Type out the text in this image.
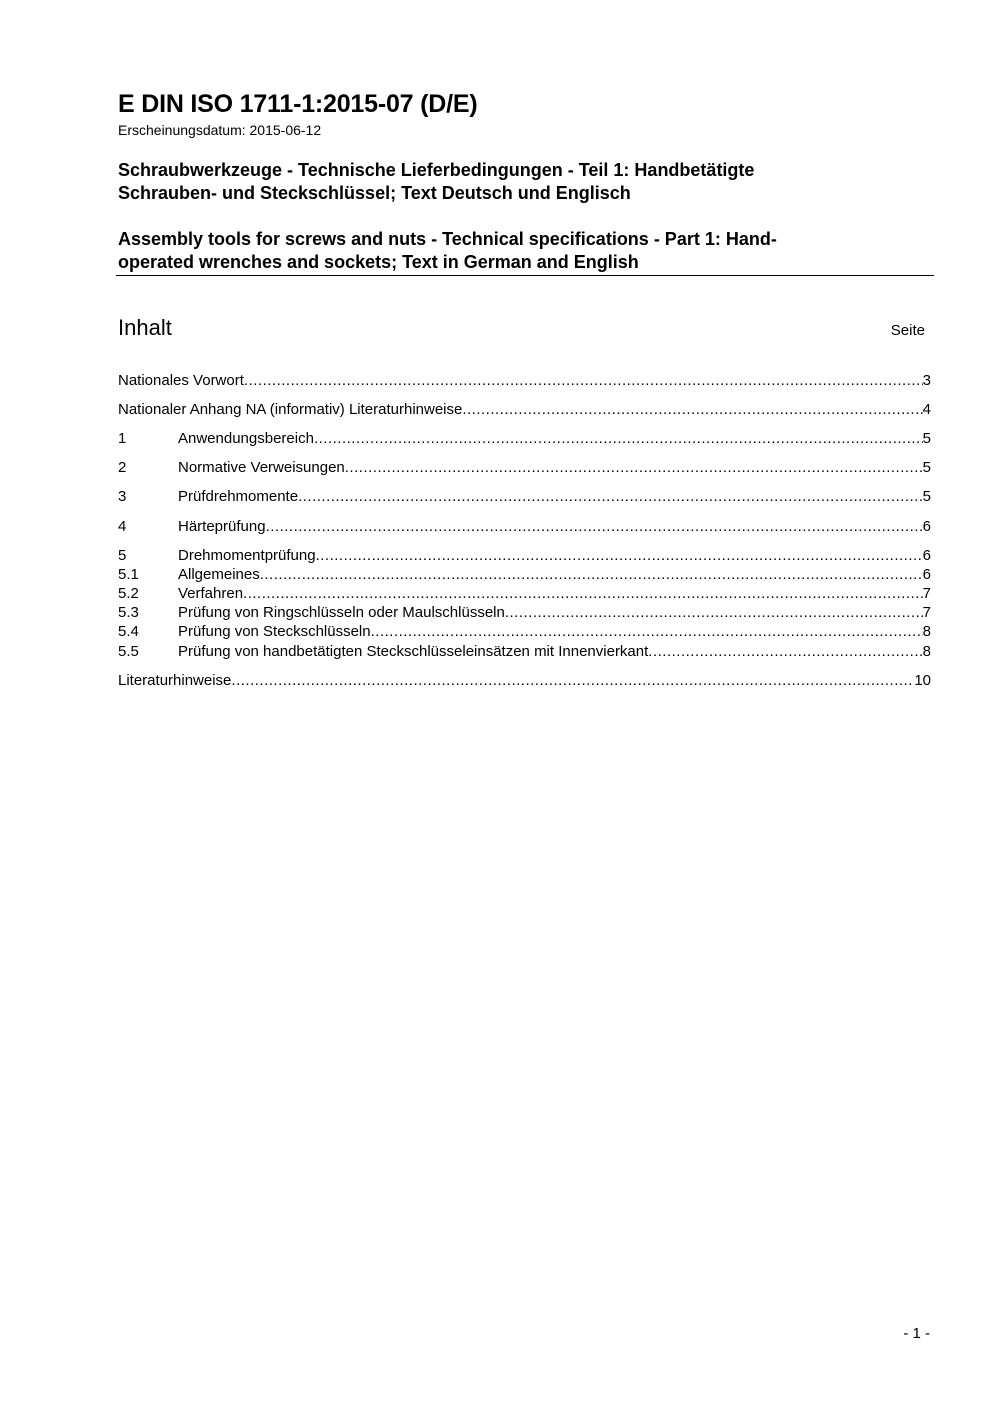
E DIN ISO 1711-1:2015-07 (D/E)
Erscheinungsdatum: 2015-06-12
Schraubwerkzeuge - Technische Lieferbedingungen - Teil 1: Handbetätigte
Schrauben- und Steckschlüssel; Text Deutsch und Englisch
Assembly tools for screws and nuts - Technical specifications - Part 1: Hand-
operated wrenches and sockets; Text in German and English
Inhalt	Seite
Nationales Vorwort .....	3
Nationaler Anhang NA (informativ) Literaturhinweise .....	4
1	Anwendungsbereich .....	5
2	Normative Verweisungen .....	5
3	Prüfdrehmomente .....	5
4	Härteprüfung .....	6
5	Drehmomentprüfung .....	6
5.1	Allgemeines .....	6
5.2	Verfahren .....	7
5.3	Prüfung von Ringschlüsseln oder Maulschlüsseln .....	7
5.4	Prüfung von Steckschlüsseln .....	8
5.5	Prüfung von handbetätigten Steckschlüsseleinsätzen mit Innenvierkant .....	8
Literaturhinweise .....	10
- 1 -
